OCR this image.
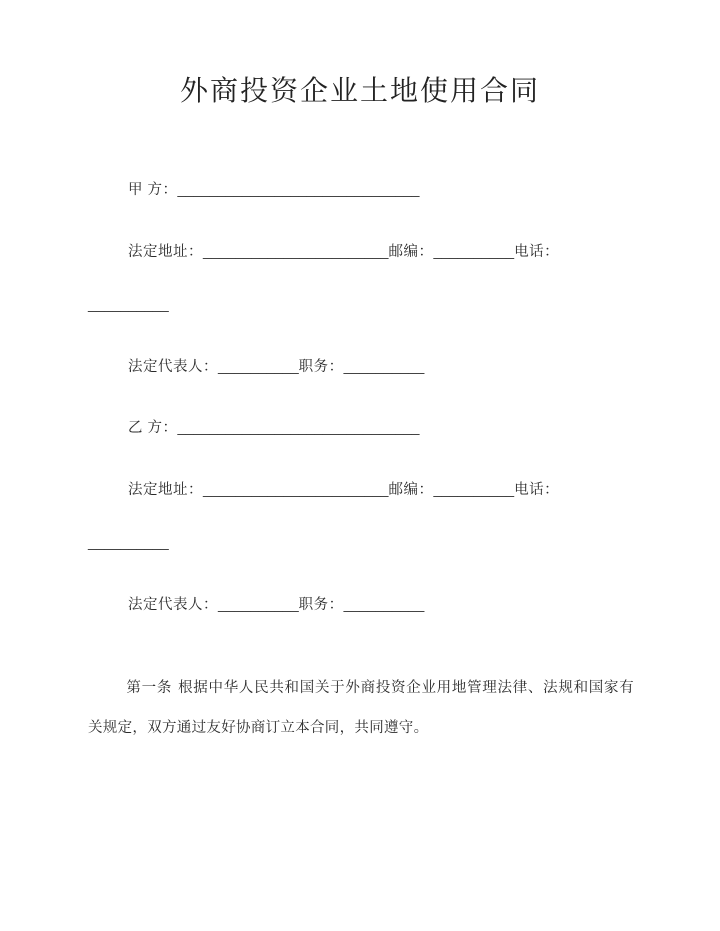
外商投资企业土地使用合同
甲 方：______________________________
法定地址：_______________________邮编：__________电话：
__________
法定代表人：__________职务：__________
乙 方：______________________________
法定地址：_______________________邮编：__________电话：
__________
法定代表人：__________职务：__________

第一条 根据中华人民共和国关于外商投资企业用地管理法律、法规和国家有关规定，双方通过友好协商订立本合同，共同遵守。
